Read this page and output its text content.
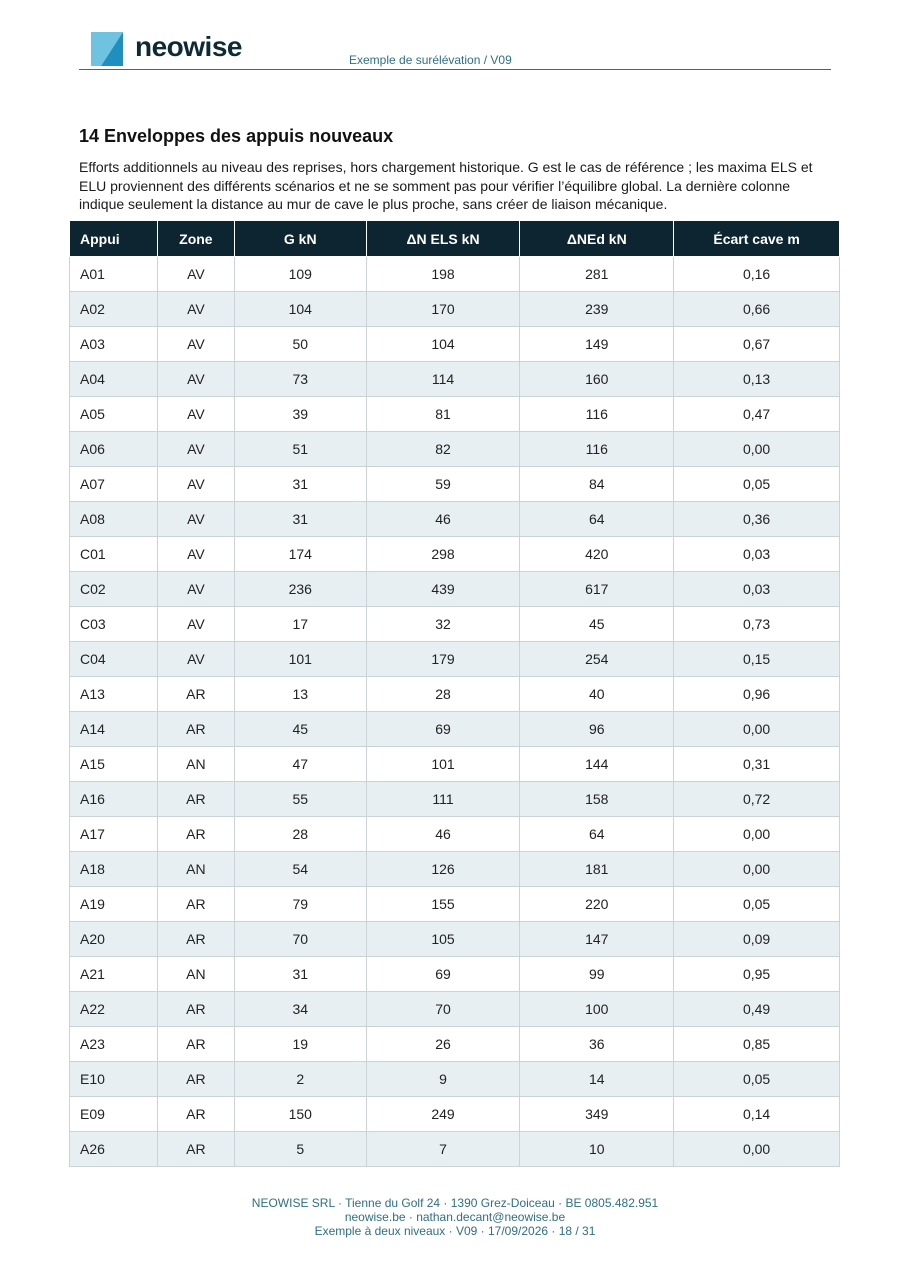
neowise	Exemple de surélévation / V09
14 Enveloppes des appuis nouveaux
Efforts additionnels au niveau des reprises, hors chargement historique. G est le cas de référence ; les maxima ELS et ELU proviennent des différents scénarios et ne se somment pas pour vérifier l’équilibre global. La dernière colonne indique seulement la distance au mur de cave le plus proche, sans créer de liaison mécanique.
Appui	Zone	G kN	ΔN ELS kN	ΔNEd kN	Écart cave m
A01	AV	109	198	281	0,16
A02	AV	104	170	239	0,66
A03	AV	50	104	149	0,67
A04	AV	73	114	160	0,13
A05	AV	39	81	116	0,47
A06	AV	51	82	116	0,00
A07	AV	31	59	84	0,05
A08	AV	31	46	64	0,36
C01	AV	174	298	420	0,03
C02	AV	236	439	617	0,03
C03	AV	17	32	45	0,73
C04	AV	101	179	254	0,15
A13	AR	13	28	40	0,96
A14	AR	45	69	96	0,00
A15	AN	47	101	144	0,31
A16	AR	55	111	158	0,72
A17	AR	28	46	64	0,00
A18	AN	54	126	181	0,00
A19	AR	79	155	220	0,05
A20	AR	70	105	147	0,09
A21	AN	31	69	99	0,95
A22	AR	34	70	100	0,49
A23	AR	19	26	36	0,85
E10	AR	2	9	14	0,05
E09	AR	150	249	349	0,14
A26	AR	5	7	10	0,00
NEOWISE SRL · Tienne du Golf 24 · 1390 Grez-Doiceau · BE 0805.482.951
neowise.be · nathan.decant@neowise.be
Exemple à deux niveaux · V09 · 17/09/2026 · 18 / 31
